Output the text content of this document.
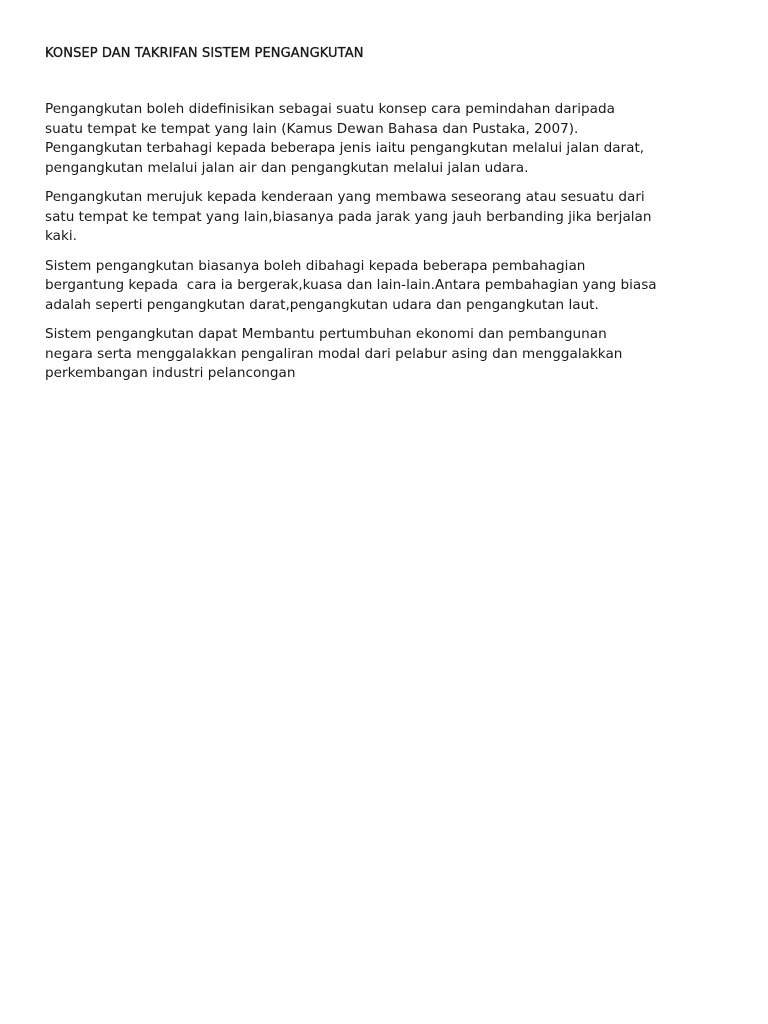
KONSEP DAN TAKRIFAN SISTEM PENGANGKUTAN

Pengangkutan boleh didefinisikan sebagai suatu konsep cara pemindahan daripada
suatu tempat ke tempat yang lain (Kamus Dewan Bahasa dan Pustaka, 2007).
Pengangkutan terbahagi kepada beberapa jenis iaitu pengangkutan melalui jalan darat,
pengangkutan melalui jalan air dan pengangkutan melalui jalan udara.

Pengangkutan merujuk kepada kenderaan yang membawa seseorang atau sesuatu dari
satu tempat ke tempat yang lain,biasanya pada jarak yang jauh berbanding jika berjalan
kaki.

Sistem pengangkutan biasanya boleh dibahagi kepada beberapa pembahagian
bergantung kepada  cara ia bergerak,kuasa dan lain-lain.Antara pembahagian yang biasa
adalah seperti pengangkutan darat,pengangkutan udara dan pengangkutan laut.

Sistem pengangkutan dapat Membantu pertumbuhan ekonomi dan pembangunan
negara serta menggalakkan pengaliran modal dari pelabur asing dan menggalakkan
perkembangan industri pelancongan
